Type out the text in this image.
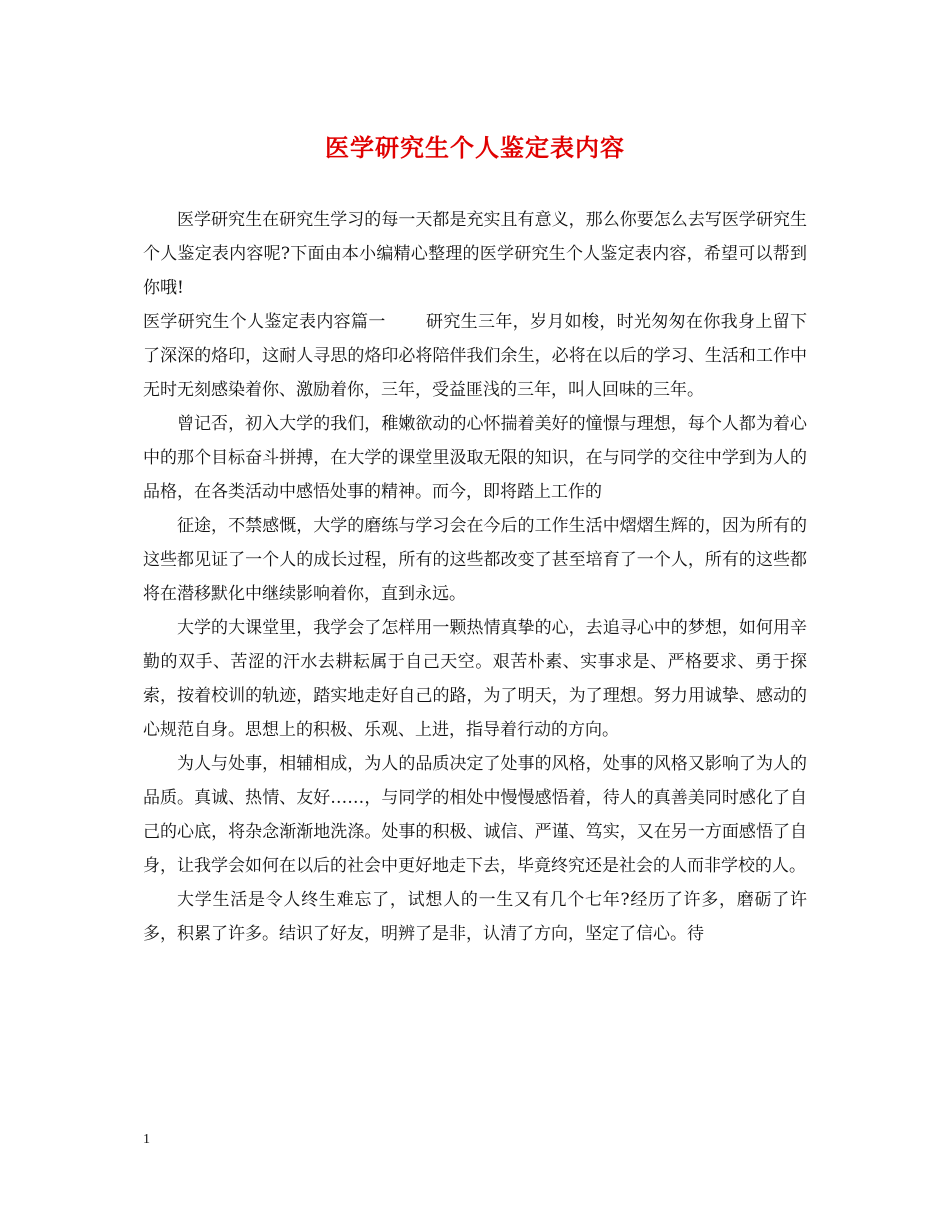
医学研究生个人鉴定表内容

医学研究生在研究生学习的每一天都是充实且有意义，那么你要怎么去写医学研究生个人鉴定表内容呢?下面由本小编精心整理的医学研究生个人鉴定表内容，希望可以帮到你哦!

医学研究生个人鉴定表内容篇一 研究生三年，岁月如梭，时光匆匆在你我身上留下了深深的烙印，这耐人寻思的烙印必将陪伴我们余生，必将在以后的学习、生活和工作中无时无刻感染着你、激励着你，三年，受益匪浅的三年，叫人回味的三年。

曾记否，初入大学的我们，稚嫩欲动的心怀揣着美好的憧憬与理想，每个人都为着心中的那个目标奋斗拼搏，在大学的课堂里汲取无限的知识，在与同学的交往中学到为人的品格，在各类活动中感悟处事的精神。而今，即将踏上工作的

征途，不禁感慨，大学的磨练与学习会在今后的工作生活中熠熠生辉的，因为所有的这些都见证了一个人的成长过程，所有的这些都改变了甚至培育了一个人，所有的这些都将在潜移默化中继续影响着你，直到永远。

大学的大课堂里，我学会了怎样用一颗热情真挚的心，去追寻心中的梦想，如何用辛勤的双手、苦涩的汗水去耕耘属于自己天空。艰苦朴素、实事求是、严格要求、勇于探索，按着校训的轨迹，踏实地走好自己的路，为了明天，为了理想。努力用诚挚、感动的心规范自身。思想上的积极、乐观、上进，指导着行动的方向。

为人与处事，相辅相成，为人的品质决定了处事的风格，处事的风格又影响了为人的品质。真诚、热情、友好……，与同学的相处中慢慢感悟着，待人的真善美同时感化了自己的心底，将杂念渐渐地洗涤。处事的积极、诚信、严谨、笃实，又在另一方面感悟了自身，让我学会如何在以后的社会中更好地走下去，毕竟终究还是社会的人而非学校的人。

大学生活是令人终生难忘了，试想人的一生又有几个七年?经历了许多，磨砺了许多，积累了许多。结识了好友，明辨了是非，认清了方向，坚定了信心。待

1
